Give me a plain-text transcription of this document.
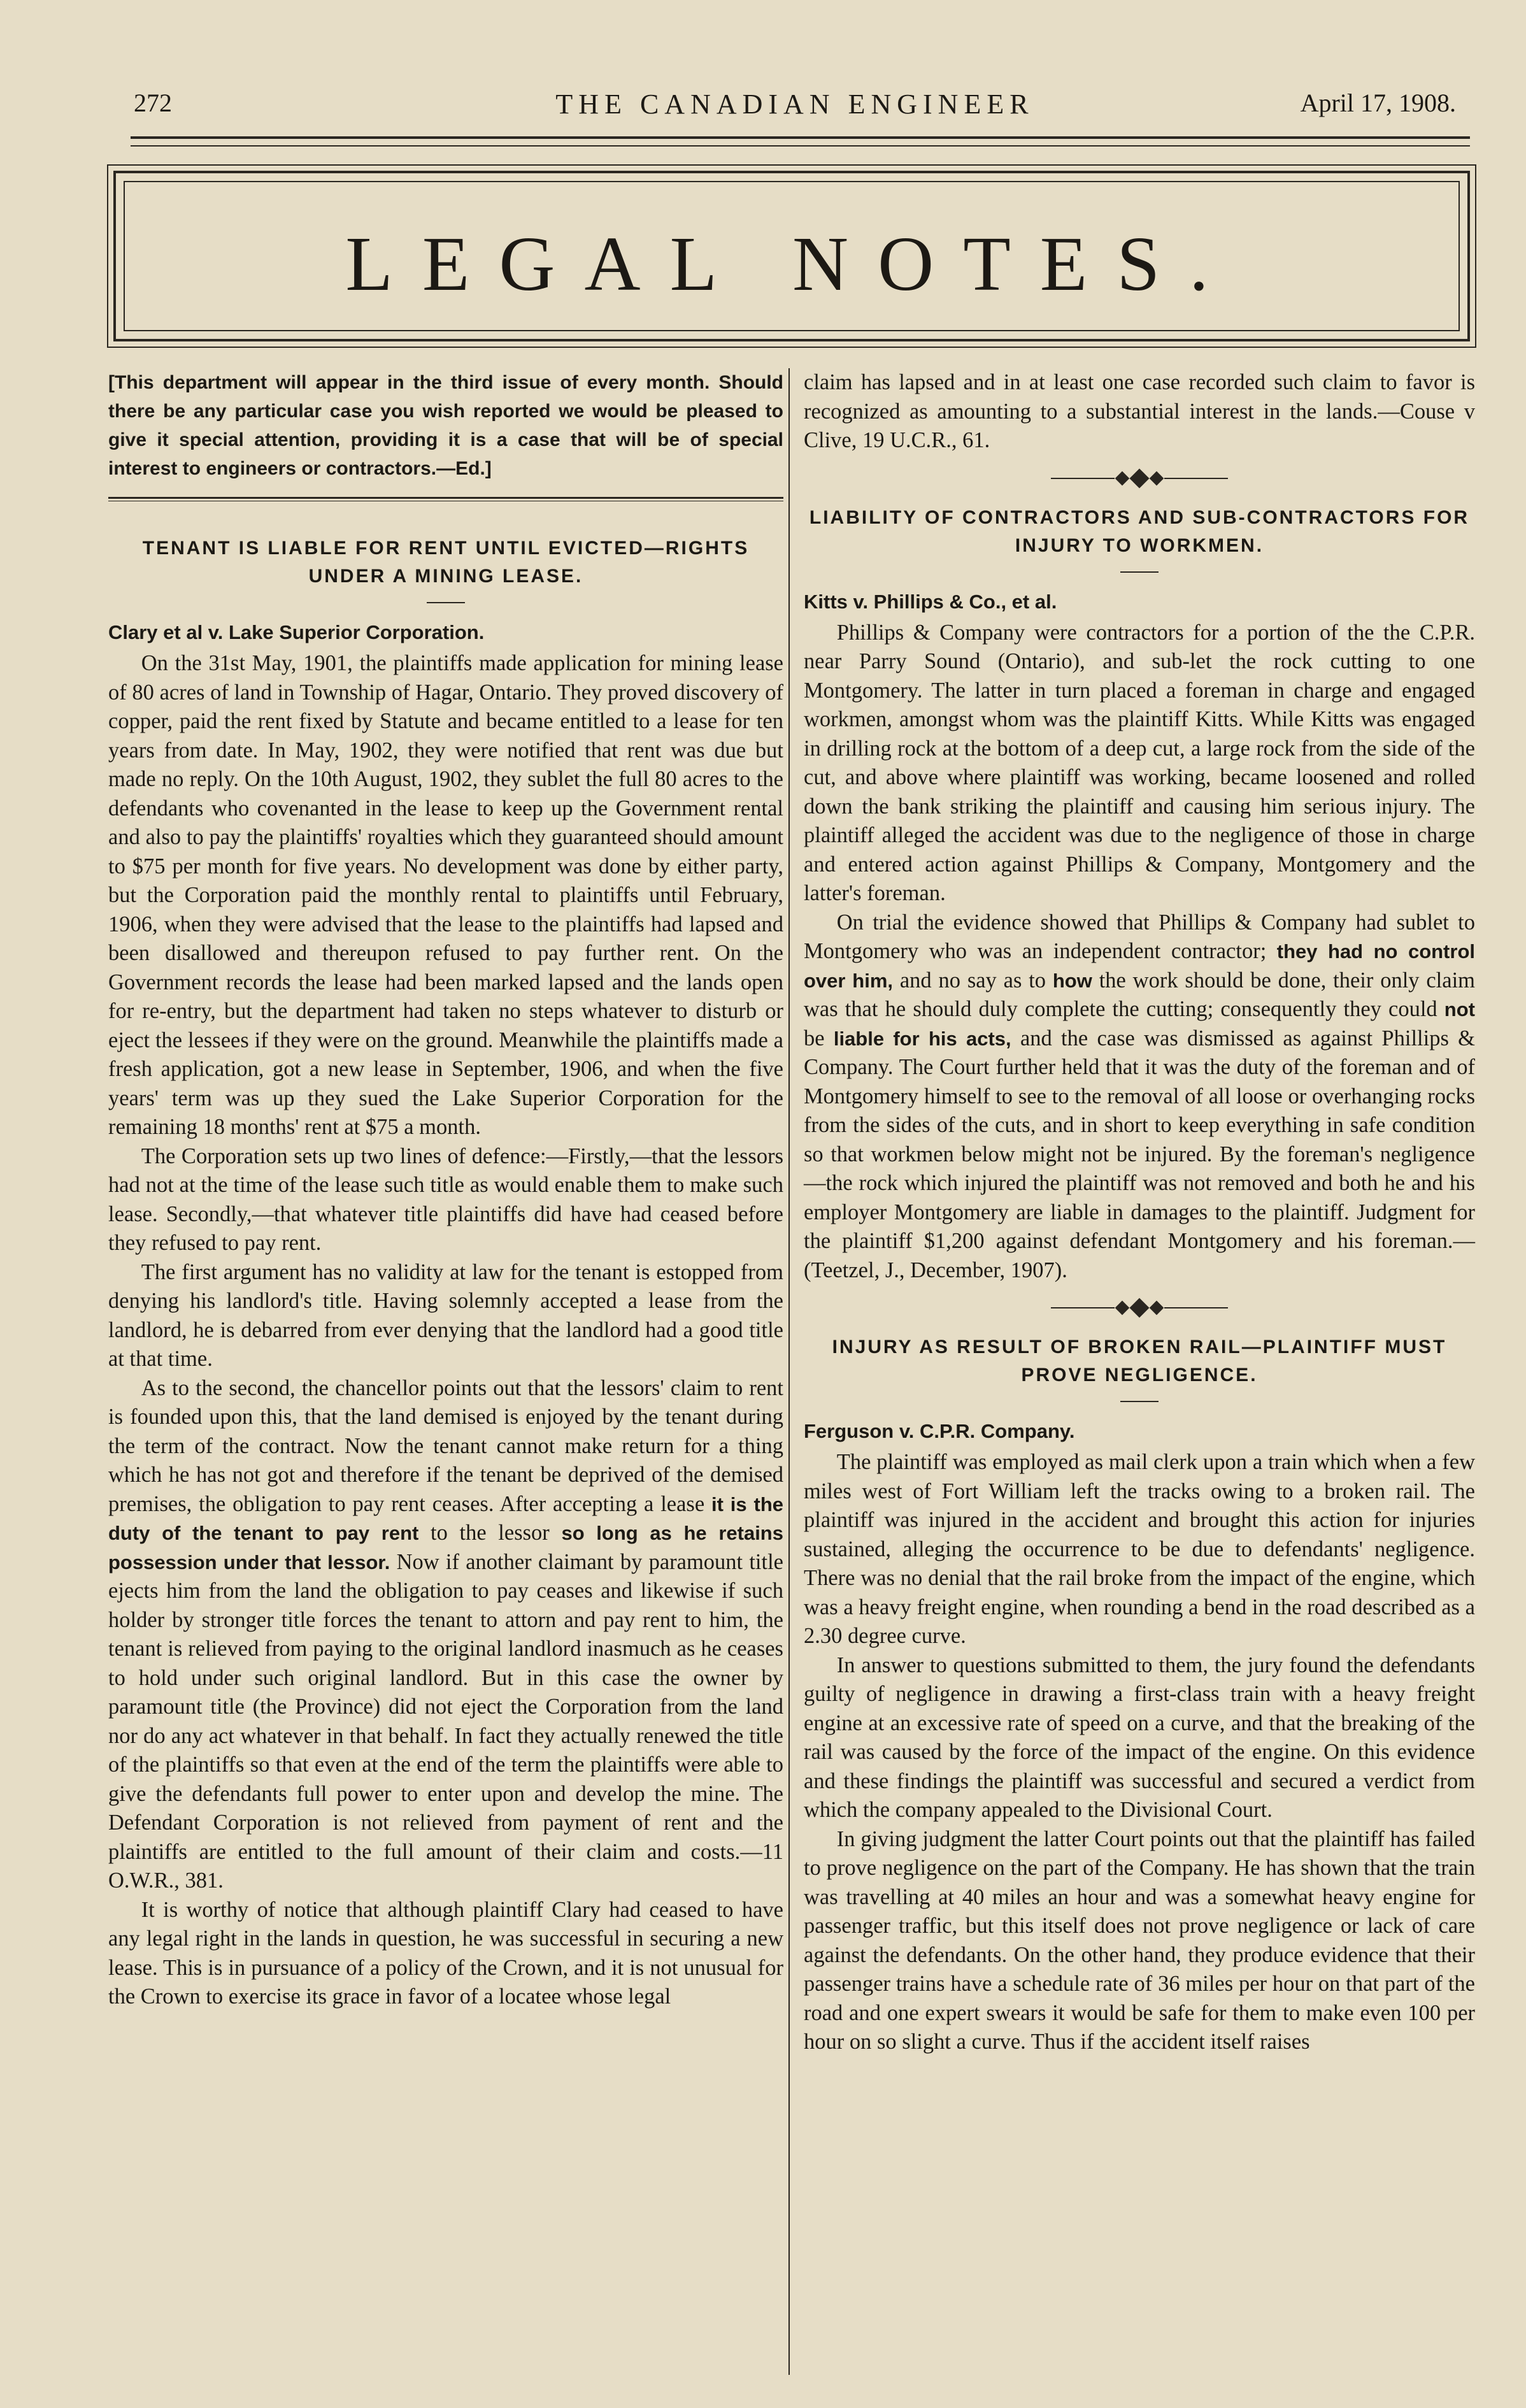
272	THE CANADIAN ENGINEER	April 17, 1908.
LEGAL NOTES.
[This department will appear in the third issue of every month. Should there be any particular case you wish reported we would be pleased to give it special attention, providing it is a case that will be of special interest to engineers or contractors.—Ed.]
TENANT IS LIABLE FOR RENT UNTIL EVICTED—RIGHTS UNDER A MINING LEASE.
Clary et al v. Lake Superior Corporation.

On the 31st May, 1901, the plaintiffs made application for mining lease of 80 acres of land in Township of Hagar, Ontario. They proved discovery of copper, paid the rent fixed by Statute and became entitled to a lease for ten years from date. In May, 1902, they were notified that rent was due but made no reply. On the 10th August, 1902, they sublet the full 80 acres to the defendants who covenanted in the lease to keep up the Government rental and also to pay the plaintiffs' royalties which they guaranteed should amount to $75 per month for five years. No development was done by either party, but the Corporation paid the monthly rental to plaintiffs until February, 1906, when they were advised that the lease to the plaintiffs had lapsed and been disallowed and thereupon refused to pay further rent. On the Government records the lease had been marked lapsed and the lands open for re-entry, but the department had taken no steps whatever to disturb or eject the lessees if they were on the ground. Meanwhile the plaintiffs made a fresh application, got a new lease in September, 1906, and when the five years' term was up they sued the Lake Superior Corporation for the remaining 18 months' rent at $75 a month.

The Corporation sets up two lines of defence:—Firstly,—that the lessors had not at the time of the lease such title as would enable them to make such lease. Secondly,—that whatever title plaintiffs did have had ceased before they refused to pay rent.

The first argument has no validity at law for the tenant is estopped from denying his landlord's title. Having solemnly accepted a lease from the landlord, he is debarred from ever denying that the landlord had a good title at that time.

As to the second, the chancellor points out that the lessors' claim to rent is founded upon this, that the land demised is enjoyed by the tenant during the term of the contract. Now the tenant cannot make return for a thing which he has not got and therefore if the tenant be deprived of the demised premises, the obligation to pay rent ceases. After accepting a lease it is the duty of the tenant to pay rent to the lessor so long as he retains possession under that lessor. Now if another claimant by paramount title ejects him from the land the obligation to pay ceases and likewise if such holder by stronger title forces the tenant to attorn and pay rent to him, the tenant is relieved from paying to the original landlord inasmuch as he ceases to hold under such original landlord. But in this case the owner by paramount title (the Province) did not eject the Corporation from the land nor do any act whatever in that behalf. In fact they actually renewed the title of the plaintiffs so that even at the end of the term the plaintiffs were able to give the defendants full power to enter upon and develop the mine. The Defendant Corporation is not relieved from payment of rent and the plaintiffs are entitled to the full amount of their claim and costs.—11 O.W.R., 381.

It is worthy of notice that although plaintiff Clary had ceased to have any legal right in the lands in question, he was successful in securing a new lease. This is in pursuance of a policy of the Crown, and it is not unusual for the Crown to exercise its grace in favor of a locatee whose legal

claim has lapsed and in at least one case recorded such claim to favor is recognized as amounting to a substantial interest in the lands.—Couse v Clive, 19 U.C.R., 61.

LIABILITY OF CONTRACTORS AND SUB-CONTRACTORS FOR INJURY TO WORKMEN.
Kitts v. Phillips & Co., et al.

Phillips & Company were contractors for a portion of the the C.P.R. near Parry Sound (Ontario), and sub-let the rock cutting to one Montgomery. The latter in turn placed a foreman in charge and engaged workmen, amongst whom was the plaintiff Kitts. While Kitts was engaged in drilling rock at the bottom of a deep cut, a large rock from the side of the cut, and above where plaintiff was working, became loosened and rolled down the bank striking the plaintiff and causing him serious injury. The plaintiff alleged the accident was due to the negligence of those in charge and entered action against Phillips & Company, Montgomery and the latter's foreman.

On trial the evidence showed that Phillips & Company had sublet to Montgomery who was an independent contractor; they had no control over him, and no say as to how the work should be done, their only claim was that he should duly complete the cutting; consequently they could not be liable for his acts, and the case was dismissed as against Phillips & Company. The Court further held that it was the duty of the foreman and of Montgomery himself to see to the removal of all loose or overhanging rocks from the sides of the cuts, and in short to keep everything in safe condition so that workmen below might not be injured. By the foreman's negligence—the rock which injured the plaintiff was not removed and both he and his employer Montgomery are liable in damages to the plaintiff. Judgment for the plaintiff $1,200 against defendant Montgomery and his foreman.—(Teetzel, J., December, 1907).

INJURY AS RESULT OF BROKEN RAIL—PLAINTIFF MUST PROVE NEGLIGENCE.
Ferguson v. C.P.R. Company.

The plaintiff was employed as mail clerk upon a train which when a few miles west of Fort William left the tracks owing to a broken rail. The plaintiff was injured in the accident and brought this action for injuries sustained, alleging the occurrence to be due to defendants' negligence. There was no denial that the rail broke from the impact of the engine, which was a heavy freight engine, when rounding a bend in the road described as a 2.30 degree curve.

In answer to questions submitted to them, the jury found the defendants guilty of negligence in drawing a first-class train with a heavy freight engine at an excessive rate of speed on a curve, and that the breaking of the rail was caused by the force of the impact of the engine. On this evidence and these findings the plaintiff was successful and secured a verdict from which the company appealed to the Divisional Court.

In giving judgment the latter Court points out that the plaintiff has failed to prove negligence on the part of the Company. He has shown that the train was travelling at 40 miles an hour and was a somewhat heavy engine for passenger traffic, but this itself does not prove negligence or lack of care against the defendants. On the other hand, they produce evidence that their passenger trains have a schedule rate of 36 miles per hour on that part of the road and one expert swears it would be safe for them to make even 100 per hour on so slight a curve. Thus if the accident itself raises
